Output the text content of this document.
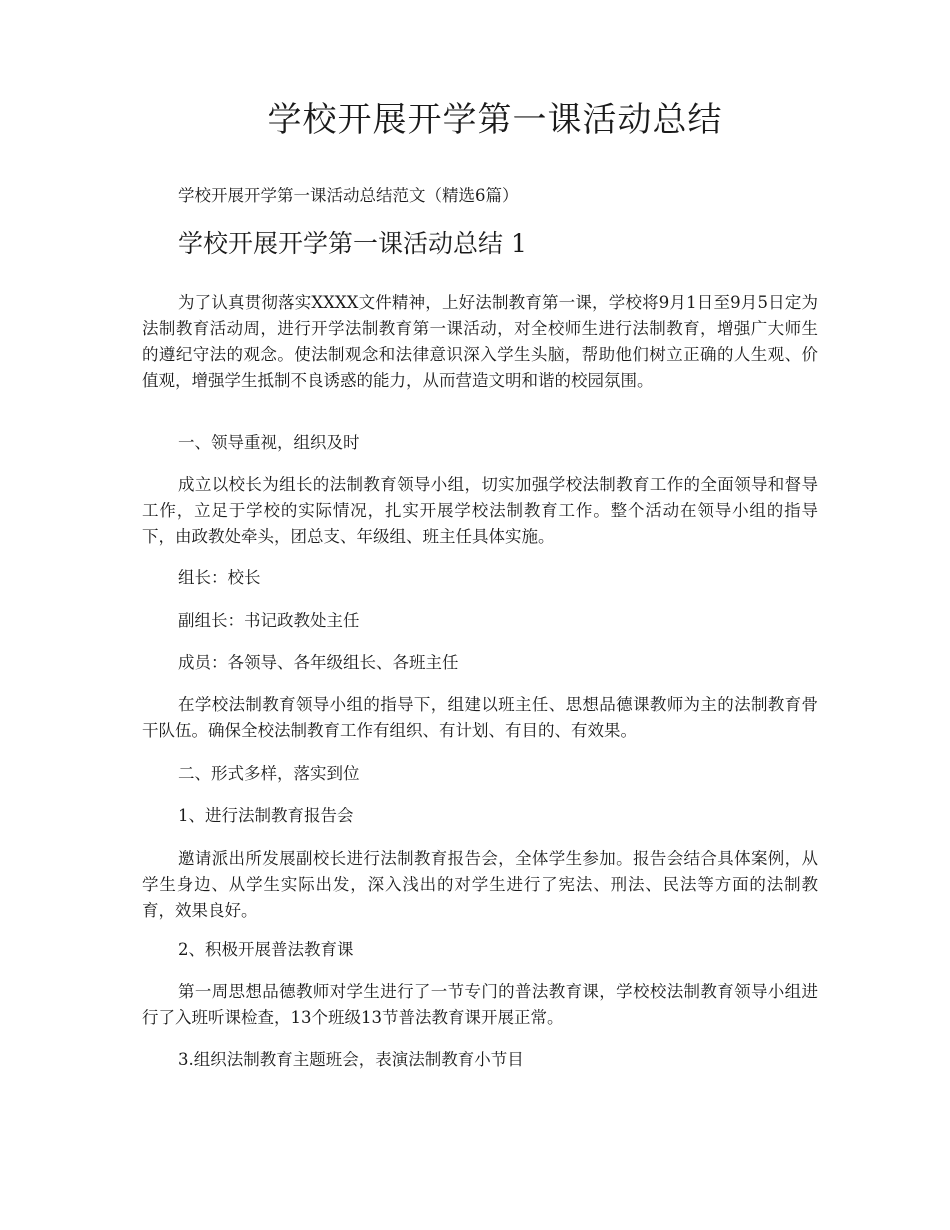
学校开展开学第一课活动总结

学校开展开学第一课活动总结范文（精选6篇）

学校开展开学第一课活动总结 1

为了认真贯彻落实XXXX文件精神，上好法制教育第一课，学校将9月1日至9月5日定为法制教育活动周，进行开学法制教育第一课活动，对全校师生进行法制教育，增强广大师生的遵纪守法的观念。使法制观念和法律意识深入学生头脑，帮助他们树立正确的人生观、价值观，增强学生抵制不良诱惑的能力，从而营造文明和谐的校园氛围。

一、领导重视，组织及时

成立以校长为组长的法制教育领导小组，切实加强学校法制教育工作的全面领导和督导工作，立足于学校的实际情况，扎实开展学校法制教育工作。整个活动在领导小组的指导下，由政教处牵头，团总支、年级组、班主任具体实施。

组长：校长

副组长：书记政教处主任

成员：各领导、各年级组长、各班主任

在学校法制教育领导小组的指导下，组建以班主任、思想品德课教师为主的法制教育骨干队伍。确保全校法制教育工作有组织、有计划、有目的、有效果。

二、形式多样，落实到位

1、进行法制教育报告会

邀请派出所发展副校长进行法制教育报告会，全体学生参加。报告会结合具体案例，从学生身边、从学生实际出发，深入浅出的对学生进行了宪法、刑法、民法等方面的法制教育，效果良好。

2、积极开展普法教育课

第一周思想品德教师对学生进行了一节专门的普法教育课，学校校法制教育领导小组进行了入班听课检查，13个班级13节普法教育课开展正常。

3.组织法制教育主题班会，表演法制教育小节目
